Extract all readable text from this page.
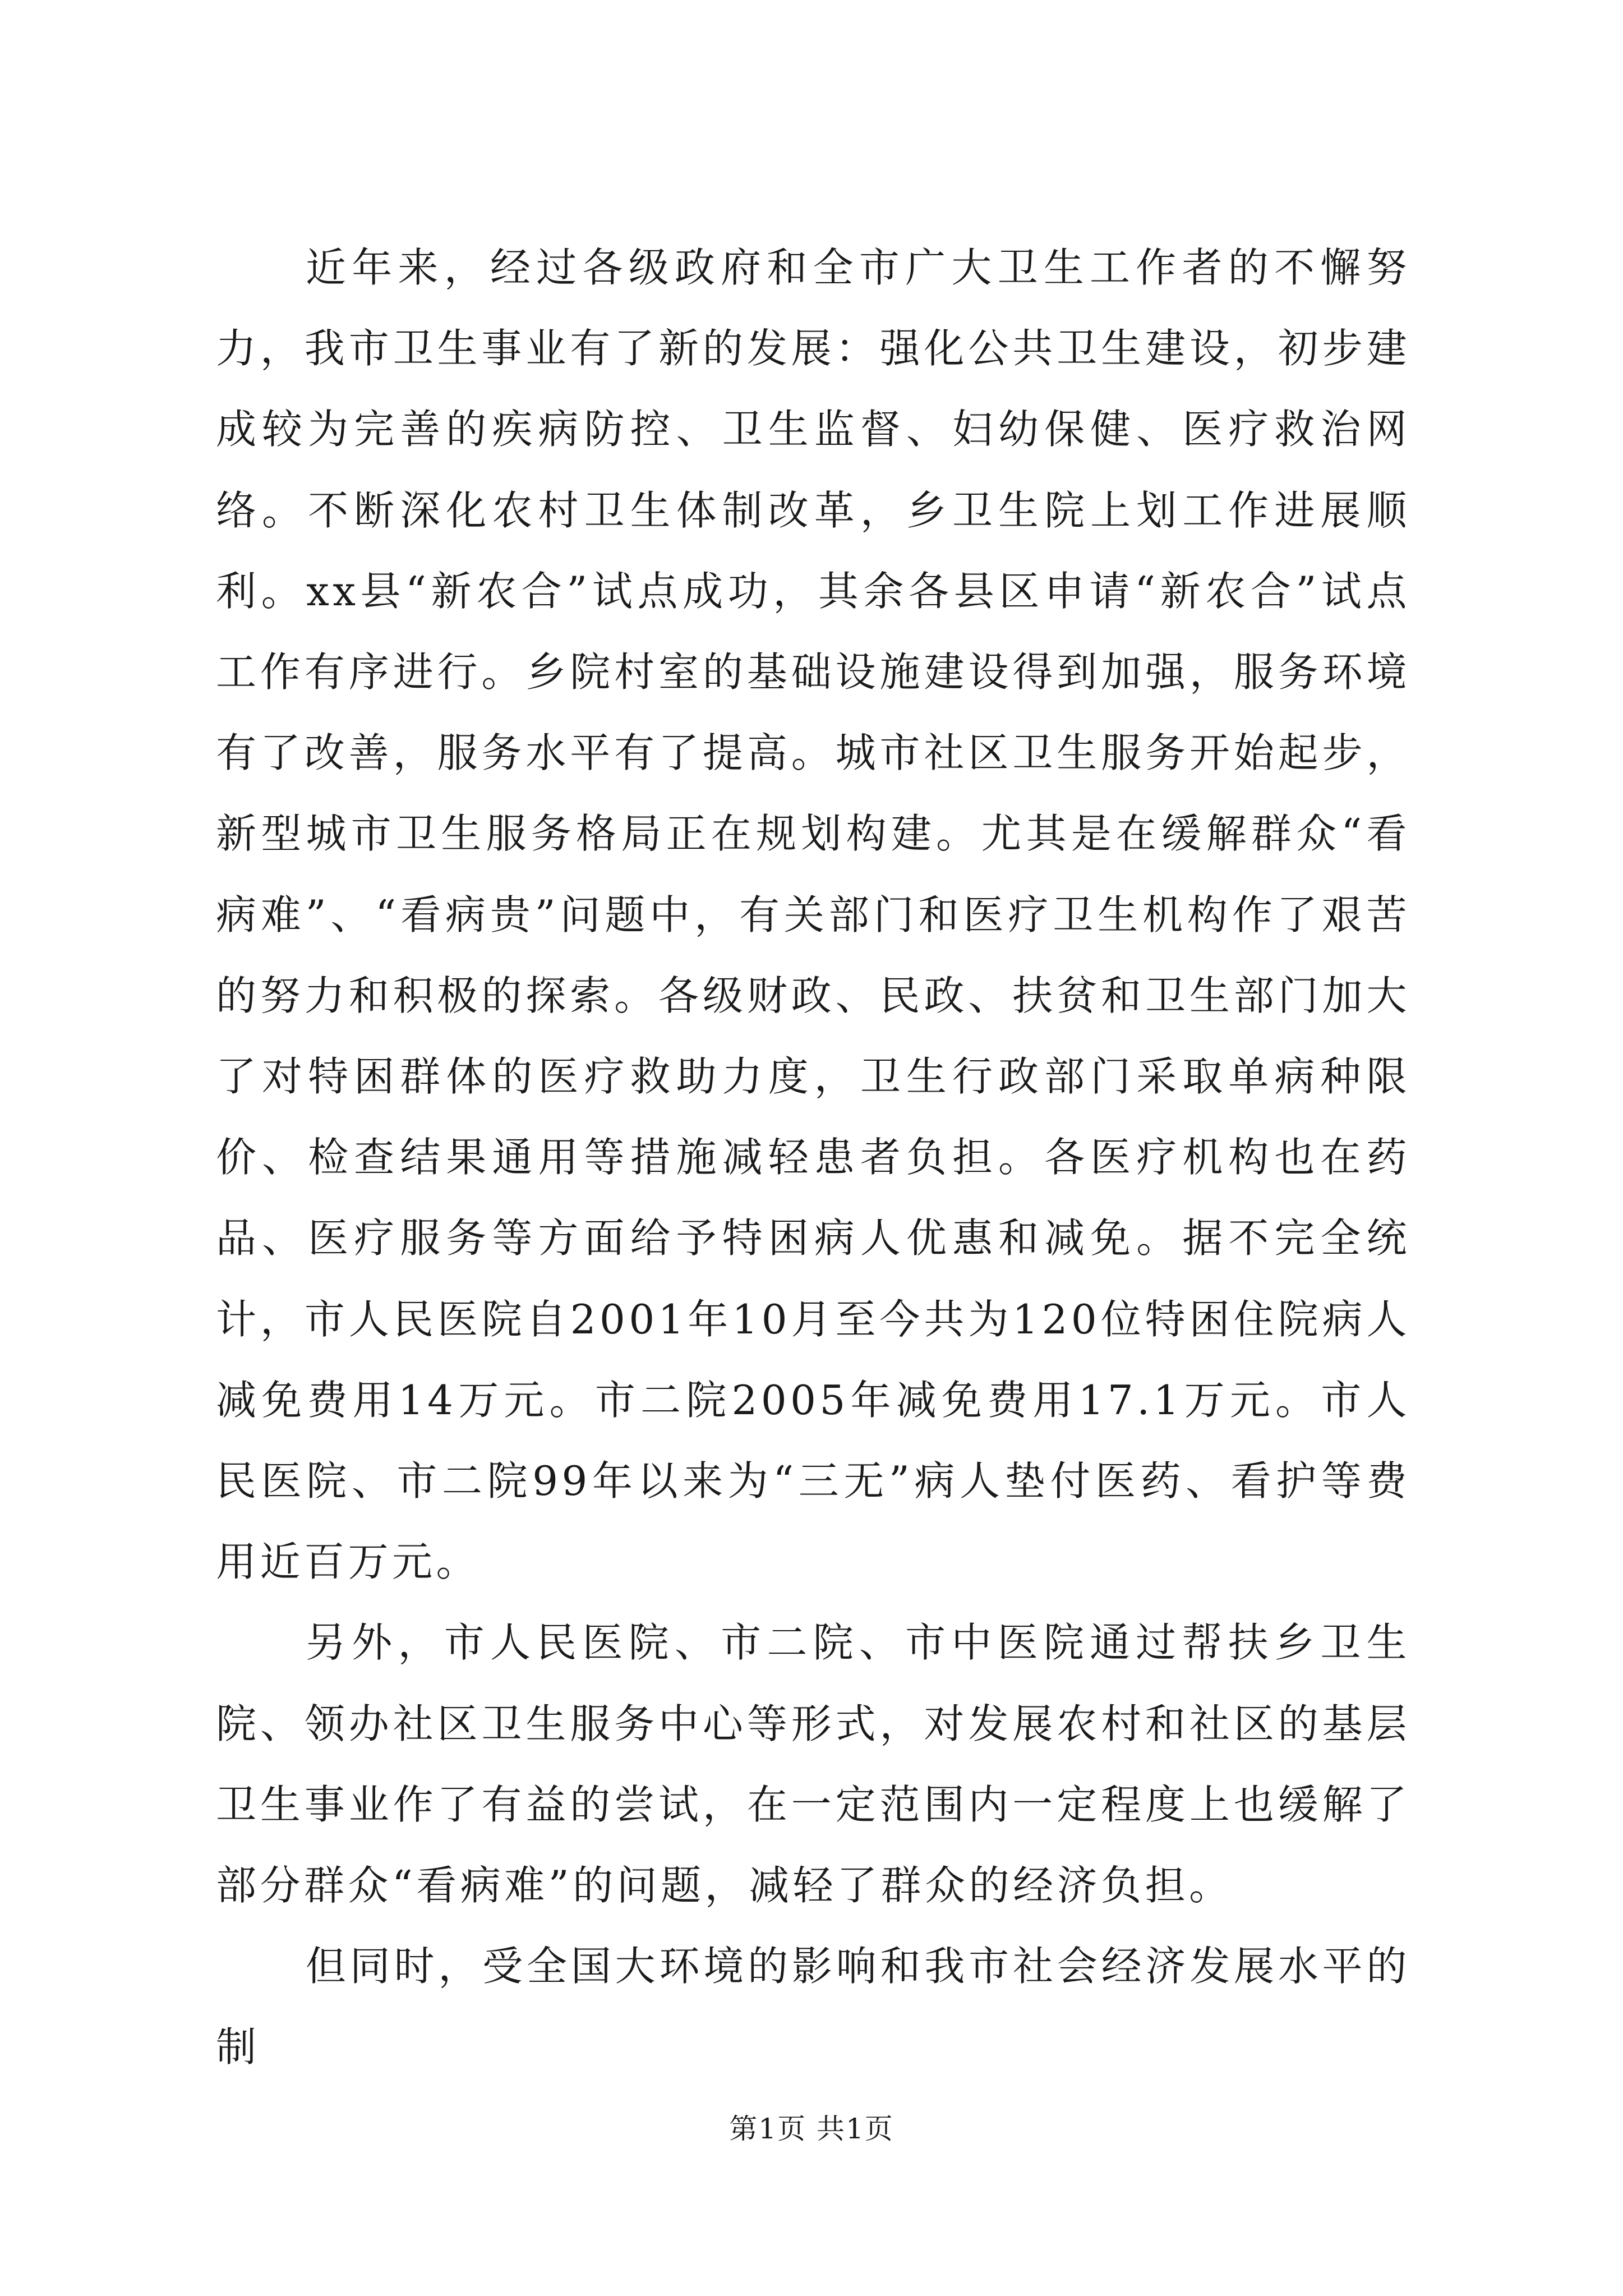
近年来，经过各级政府和全市广大卫生工作者的不懈努力，我市卫生事业有了新的发展：强化公共卫生建设，初步建成较为完善的疾病防控、卫生监督、妇幼保健、医疗救治网络。不断深化农村卫生体制改革，乡卫生院上划工作进展顺利。xx县“新农合”试点成功，其余各县区申请“新农合”试点工作有序进行。乡院村室的基础设施建设得到加强，服务环境有了改善，服务水平有了提高。城市社区卫生服务开始起步，新型城市卫生服务格局正在规划构建。尤其是在缓解群众“看病难”、“看病贵”问题中，有关部门和医疗卫生机构作了艰苦的努力和积极的探索。各级财政、民政、扶贫和卫生部门加大了对特困群体的医疗救助力度，卫生行政部门采取单病种限价、检查结果通用等措施减轻患者负担。各医疗机构也在药品、医疗服务等方面给予特困病人优惠和减免。据不完全统计，市人民医院自2001年10月至今共为120位特困住院病人减免费用14万元。市二院2005年减免费用17.1万元。市人民医院、市二院99年以来为“三无”病人垫付医药、看护等费用近百万元。

另外，市人民医院、市二院、市中医院通过帮扶乡卫生院、领办社区卫生服务中心等形式，对发展农村和社区的基层卫生事业作了有益的尝试，在一定范围内一定程度上也缓解了部分群众“看病难”的问题，减轻了群众的经济负担。

但同时，受全国大环境的影响和我市社会经济发展水平的制

第1页 共1页
